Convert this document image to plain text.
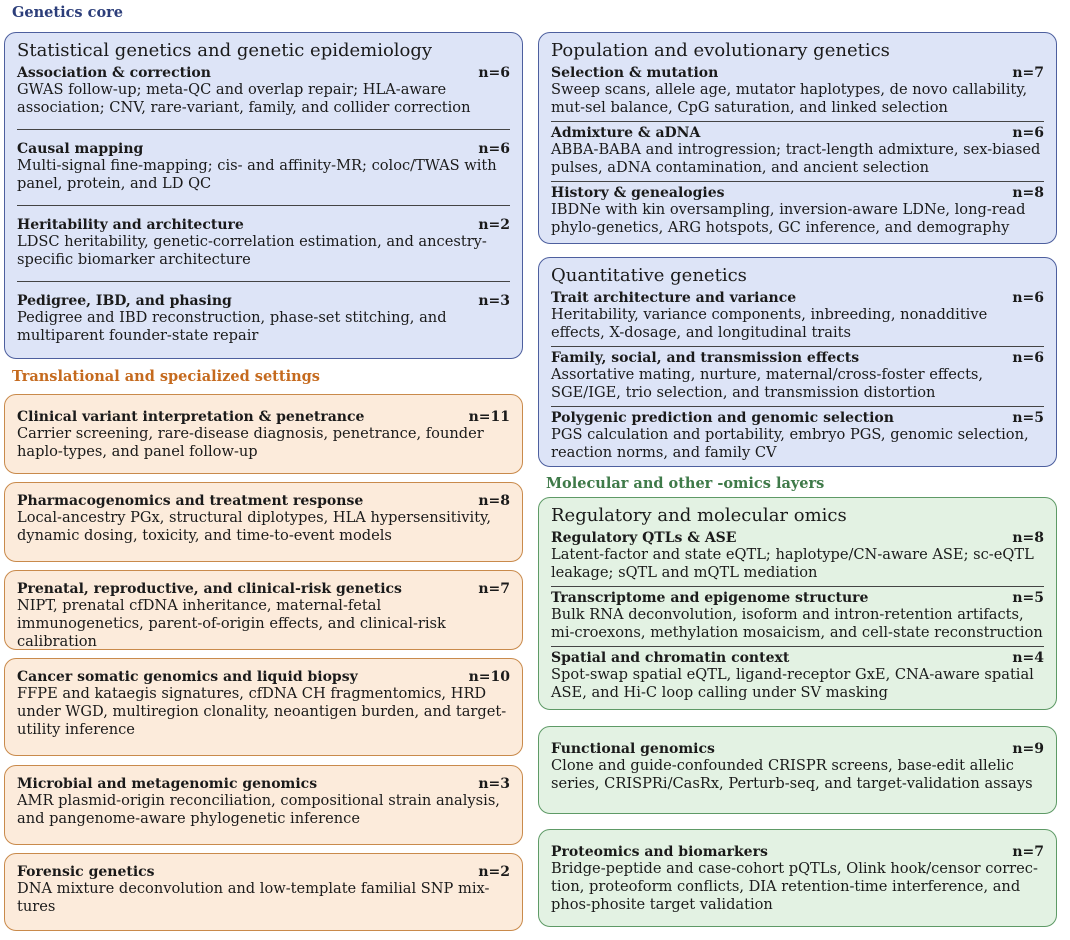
Genetics core
Translational and specialized settings
Molecular and other -omics layers
Statistical genetics and genetic epidemiology
Association & correction	n=6

GWAS follow-up; meta-QC and overlap repair; HLA-aware association; CNV, rare-variant, family, and collider correction

Causal mapping	n=6

Multi-signal fine-mapping; cis- and affinity-MR; coloc/TWAS with panel, protein, and LD QC

Heritability and architecture	n=2

LDSC heritability, genetic-correlation estimation, and ancestry-specific biomarker architecture

Pedigree, IBD, and phasing	n=3

Pedigree and IBD reconstruction, phase-set stitching, and multiparent founder-state repair

Population and evolutionary genetics
Selection & mutation	n=7

Sweep scans, allele age, mutator haplotypes, de novo callability, mut-sel balance, CpG saturation, and linked selection

Admixture & aDNA	n=6

ABBA-BABA and introgression; tract-length admixture, sex-biased pulses, aDNA contamination, and ancient selection

History & genealogies	n=8

IBDNe with kin oversampling, inversion-aware LDNe, long-read phylo-genetics, ARG hotspots, GC inference, and demography

Quantitative genetics
Trait architecture and variance	n=6

Heritability, variance components, inbreeding, nonadditive effects, X-dosage, and longitudinal traits

Family, social, and transmission effects	n=6

Assortative mating, nurture, maternal/cross-foster effects, SGE/IGE, trio selection, and transmission distortion

Polygenic prediction and genomic selection	n=5

PGS calculation and portability, embryo PGS, genomic selection, reaction norms, and family CV

Clinical variant interpretation & penetrance	n=11

Carrier screening, rare-disease diagnosis, penetrance, founder haplo-types, and panel follow-up

Pharmacogenomics and treatment response	n=8

Local-ancestry PGx, structural diplotypes, HLA hypersensitivity, dynamic dosing, toxicity, and time-to-event models

Prenatal, reproductive, and clinical-risk genetics	n=7

NIPT, prenatal cfDNA inheritance, maternal-fetal immunogenetics, parent-of-origin effects, and clinical-risk calibration

Cancer somatic genomics and liquid biopsy	n=10

FFPE and kataegis signatures, cfDNA CH fragmentomics, HRD under WGD, multiregion clonality, neoantigen burden, and target-utility inference

Microbial and metagenomic genomics	n=3

AMR plasmid-origin reconciliation, compositional strain analysis, and pangenome-aware phylogenetic inference

Forensic genetics	n=2

DNA mixture deconvolution and low-template familial SNP mix-tures

Regulatory and molecular omics
Regulatory QTLs & ASE	n=8

Latent-factor and state eQTL; haplotype/CN-aware ASE; sc-eQTL leakage; sQTL and mQTL mediation

Transcriptome and epigenome structure	n=5

Bulk RNA deconvolution, isoform and intron-retention artifacts, mi-croexons, methylation mosaicism, and cell-state reconstruction

Spatial and chromatin context	n=4

Spot-swap spatial eQTL, ligand-receptor GxE, CNA-aware spatial ASE, and Hi-C loop calling under SV masking

Functional genomics	n=9

Clone and guide-confounded CRISPR screens, base-edit allelic series, CRISPRi/CasRx, Perturb-seq, and target-validation assays

Proteomics and biomarkers	n=7

Bridge-peptide and case-cohort pQTLs, Olink hook/censor correc-tion, proteoform conflicts, DIA retention-time interference, and phos-phosite target validation
